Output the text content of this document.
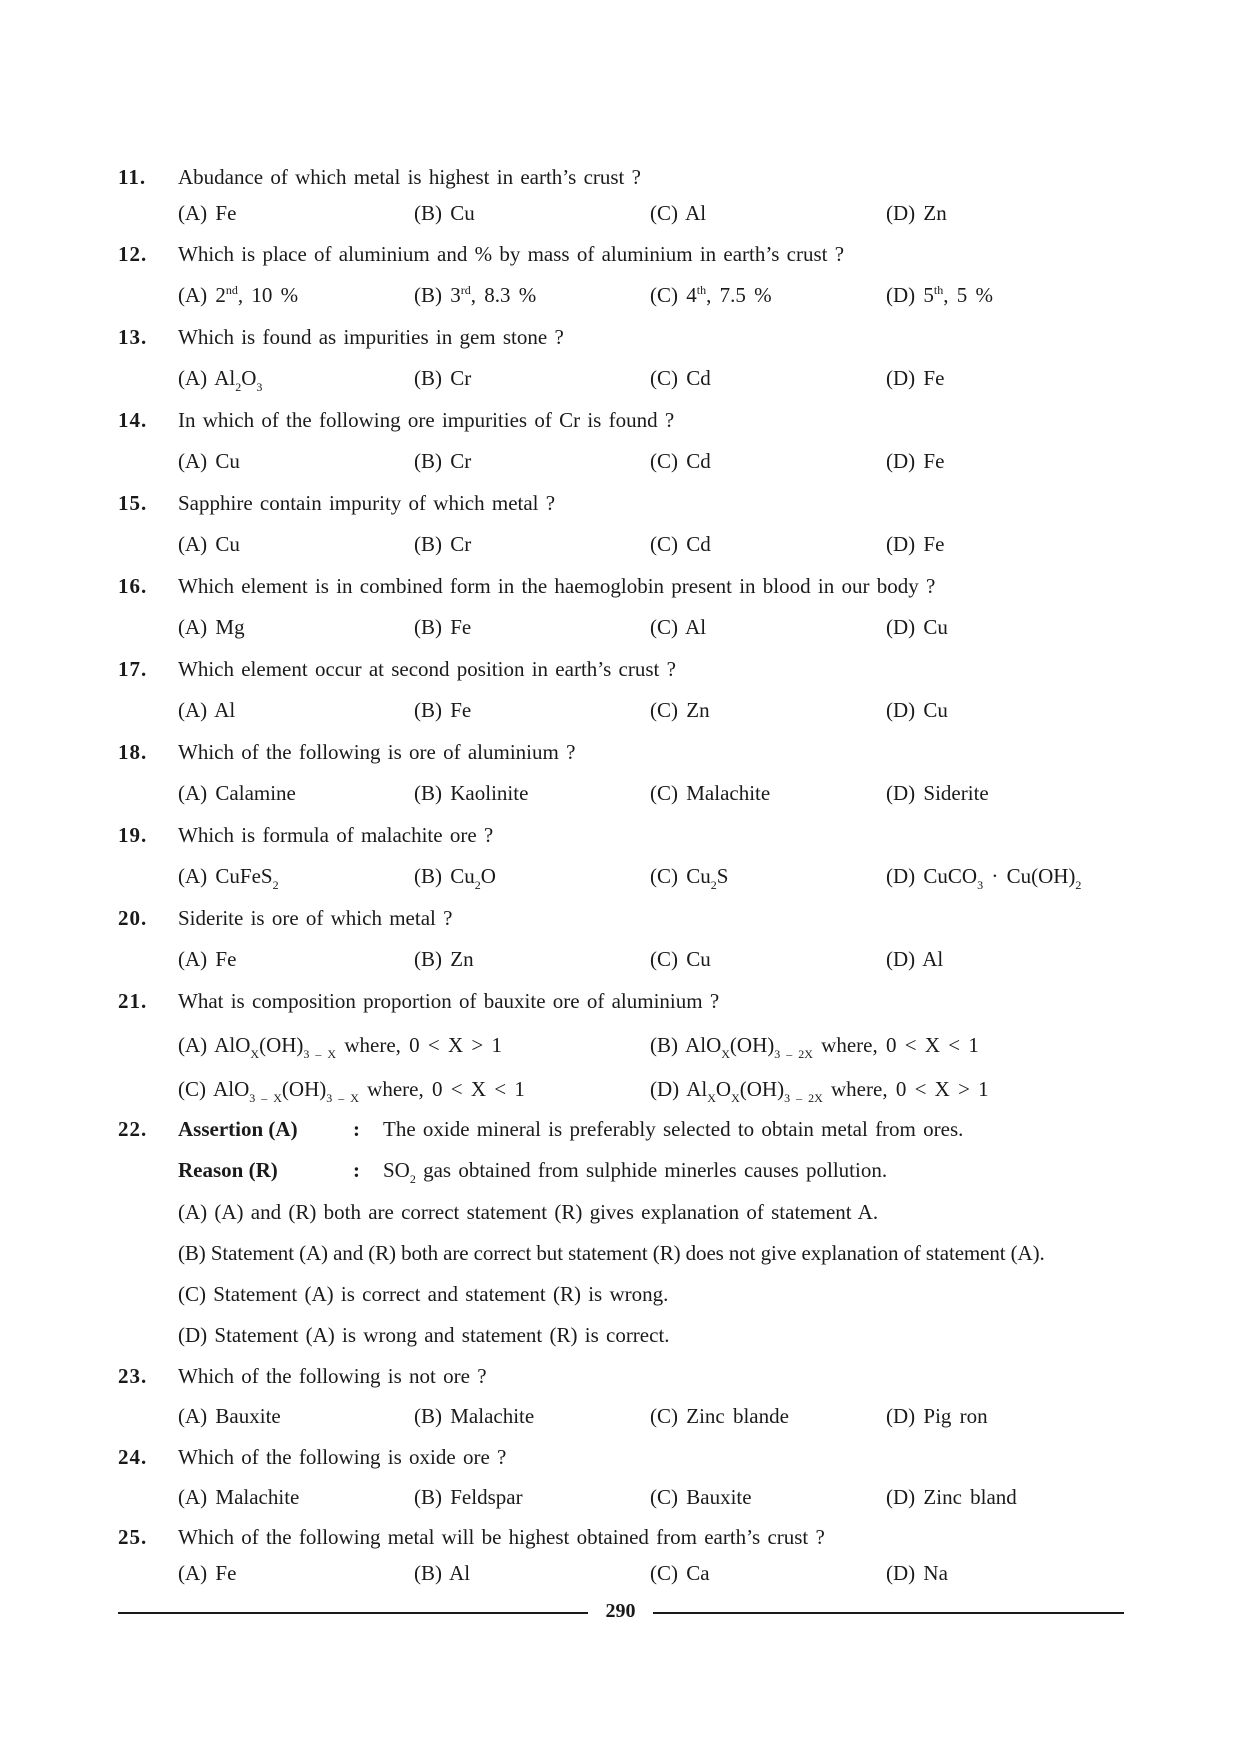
11. Abudance of which metal is highest in earth’s crust ?
(A) Fe	(B) Cu	(C) Al	(D) Zn
12. Which is place of aluminium and % by mass of aluminium in earth’s crust ?
(A) 2nd, 10 %	(B) 3rd, 8.3 %	(C) 4th, 7.5 %	(D) 5th, 5 %
13. Which is found as impurities in gem stone ?
(A) $Al_2O_3$	(B) Cr	(C) Cd	(D) Fe
14. In which of the following ore impurities of Cr is found ?
(A) Cu	(B) Cr	(C) Cd	(D) Fe
15. Sapphire contain impurity of which metal ?
(A) Cu	(B) Cr	(C) Cd	(D) Fe
16. Which element is in combined form in the haemoglobin present in blood in our body ?
(A) Mg	(B) Fe	(C) Al	(D) Cu
17. Which element occur at second position in earth’s crust ?
(A) Al	(B) Fe	(C) Zn	(D) Cu
18. Which of the following is ore of aluminium ?
(A) Calamine	(B) Kaolinite	(C) Malachite	(D) Siderite
19. Which is formula of malachite ore ?
(A) CuFeS$_2$	(B) $Cu_2O$	(C) $Cu_2S$	(D) CuCO$_3$ · $Cu(OH)_2$
20. Siderite is ore of which metal ?
(A) Fe	(B) Zn	(C) Cu	(D) Al
21. What is composition proportion of bauxite ore of aluminium ?
(A) $AlO_X(OH)_{3 - X}$ where, 0 < X > 1	(B) $AlO_X(OH)_{3 - 2X}$ where, 0 < X < 1
(C) $AlO_{3 - X}(OH)_{3 - X}$ where, 0 < X < 1	(D) $Al_XO_X(OH)_{3 - 2X}$ where, 0 < X > 1
22. Assertion (A)	: The oxide mineral is preferably selected to obtain metal from ores.
Reason (R)	: $SO_2$ gas obtained from sulphide minerles causes pollution.
(A) (A) and (R) both are correct statement (R) gives explanation of statement A.
(B) Statement (A) and (R) both are correct but statement (R) does not give explanation of statement (A).
(C) Statement (A) is correct and statement (R) is wrong.
(D) Statement (A) is wrong and statement (R) is correct.
23. Which of the following is not ore ?
(A) Bauxite	(B) Malachite	(C) Zinc blande	(D) Pig ron
24. Which of the following is oxide ore ?
(A) Malachite	(B) Feldspar	(C) Bauxite	(D) Zinc bland
25. Which of the following metal will be highest obtained from earth’s crust ?
(A) Fe	(B) Al	(C) Ca	(D) Na
290
